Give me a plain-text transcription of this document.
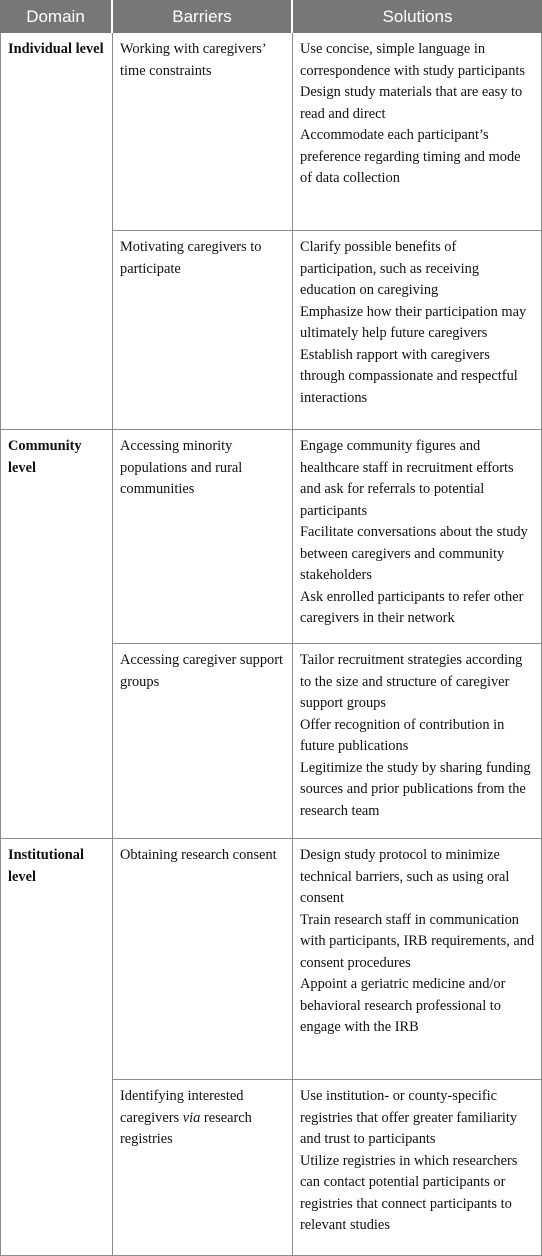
Domain	Barriers	Solutions
Individual level
Community level
Institutional level
Working with caregivers’ time constraints
Motivating caregivers to participate
Accessing minority populations and rural communities
Accessing caregiver support groups
Obtaining research consent
Identifying interested caregivers via research registries
Use concise, simple language in correspondence with study participants
Design study materials that are easy to read and direct
Accommodate each participant’s preference regarding timing and mode of data collection
Clarify possible benefits of participation, such as receiving education on caregiving
Emphasize how their participation may ultimately help future caregivers
Establish rapport with caregivers through compassionate and respectful interactions
Engage community figures and healthcare staff in recruitment efforts and ask for referrals to potential participants
Facilitate conversations about the study between caregivers and community stakeholders
Ask enrolled participants to refer other caregivers in their network
Tailor recruitment strategies according to the size and structure of caregiver support groups
Offer recognition of contribution in future publications
Legitimize the study by sharing funding sources and prior publications from the research team
Design study protocol to minimize technical barriers, such as using oral consent
Train research staff in communication with participants, IRB requirements, and consent procedures
Appoint a geriatric medicine and/or behavioral research professional to engage with the IRB
Use institution- or county-specific registries that offer greater familiarity and trust to participants
Utilize registries in which researchers can contact potential participants or registries that connect participants to relevant studies
